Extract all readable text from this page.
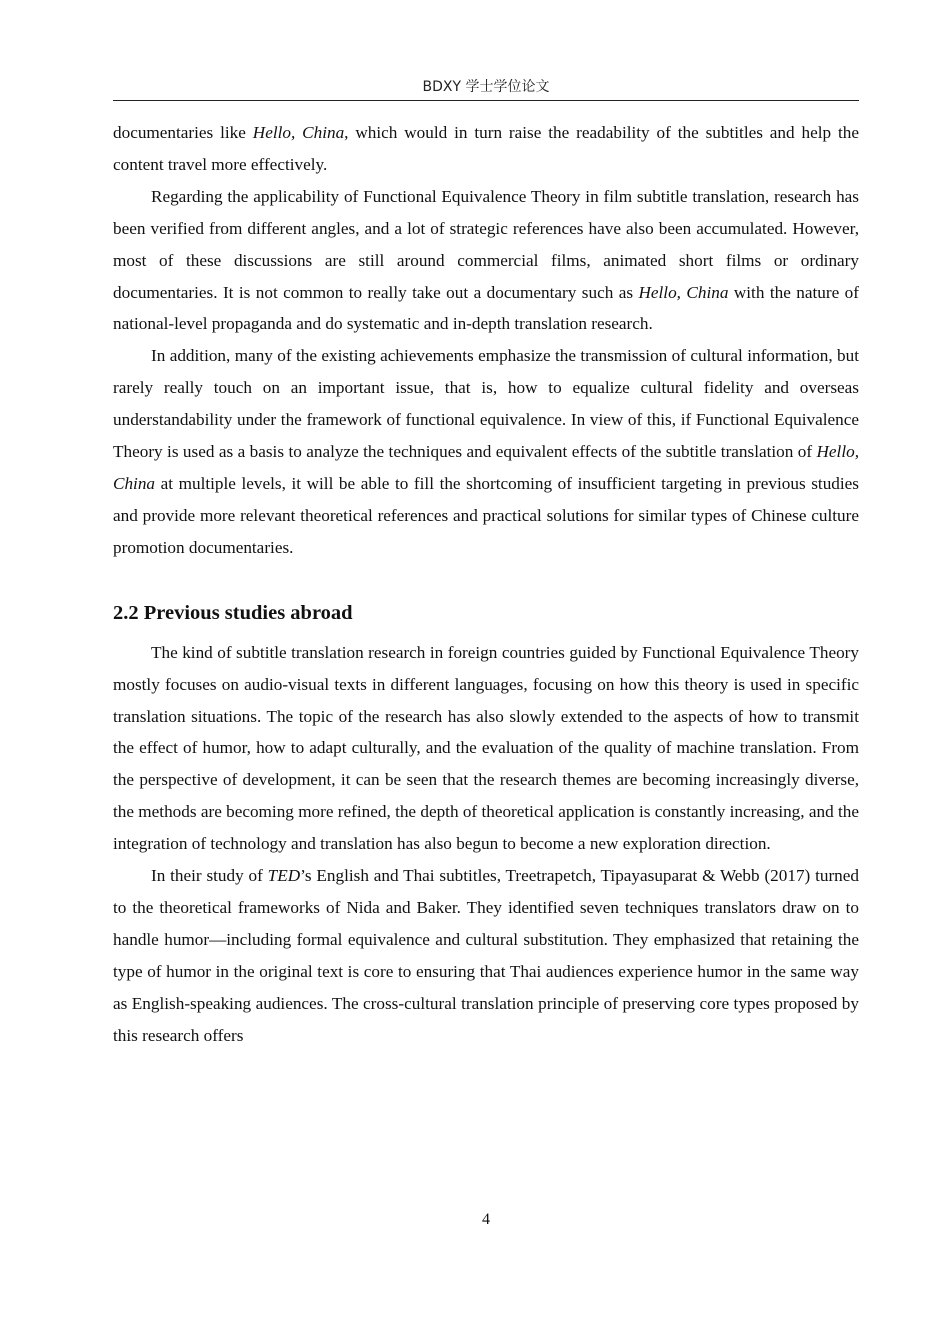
BDXY 学士学位论文

documentaries like Hello, China, which would in turn raise the readability of the subtitles and help the content travel more effectively.

Regarding the applicability of Functional Equivalence Theory in film subtitle translation, research has been verified from different angles, and a lot of strategic references have also been accumulated. However, most of these discussions are still around commercial films, animated short films or ordinary documentaries. It is not common to really take out a documentary such as Hello, China with the nature of national-level propaganda and do systematic and in-depth translation research.

In addition, many of the existing achievements emphasize the transmission of cultural information, but rarely really touch on an important issue, that is, how to equalize cultural fidelity and overseas understandability under the framework of functional equivalence. In view of this, if Functional Equivalence Theory is used as a basis to analyze the techniques and equivalent effects of the subtitle translation of Hello, China at multiple levels, it will be able to fill the shortcoming of insufficient targeting in previous studies and provide more relevant theoretical references and practical solutions for similar types of Chinese culture promotion documentaries.

2.2 Previous studies abroad

The kind of subtitle translation research in foreign countries guided by Functional Equivalence Theory mostly focuses on audio-visual texts in different languages, focusing on how this theory is used in specific translation situations. The topic of the research has also slowly extended to the aspects of how to transmit the effect of humor, how to adapt culturally, and the evaluation of the quality of machine translation. From the perspective of development, it can be seen that the research themes are becoming increasingly diverse, the methods are becoming more refined, the depth of theoretical application is constantly increasing, and the integration of technology and translation has also begun to become a new exploration direction.

In their study of TED’s English and Thai subtitles, Treetrapetch, Tipayasuparat & Webb (2017) turned to the theoretical frameworks of Nida and Baker. They identified seven techniques translators draw on to handle humor—including formal equivalence and cultural substitution. They emphasized that retaining the type of humor in the original text is core to ensuring that Thai audiences experience humor in the same way as English-speaking audiences. The cross-cultural translation principle of preserving core types proposed by this research offers

4
